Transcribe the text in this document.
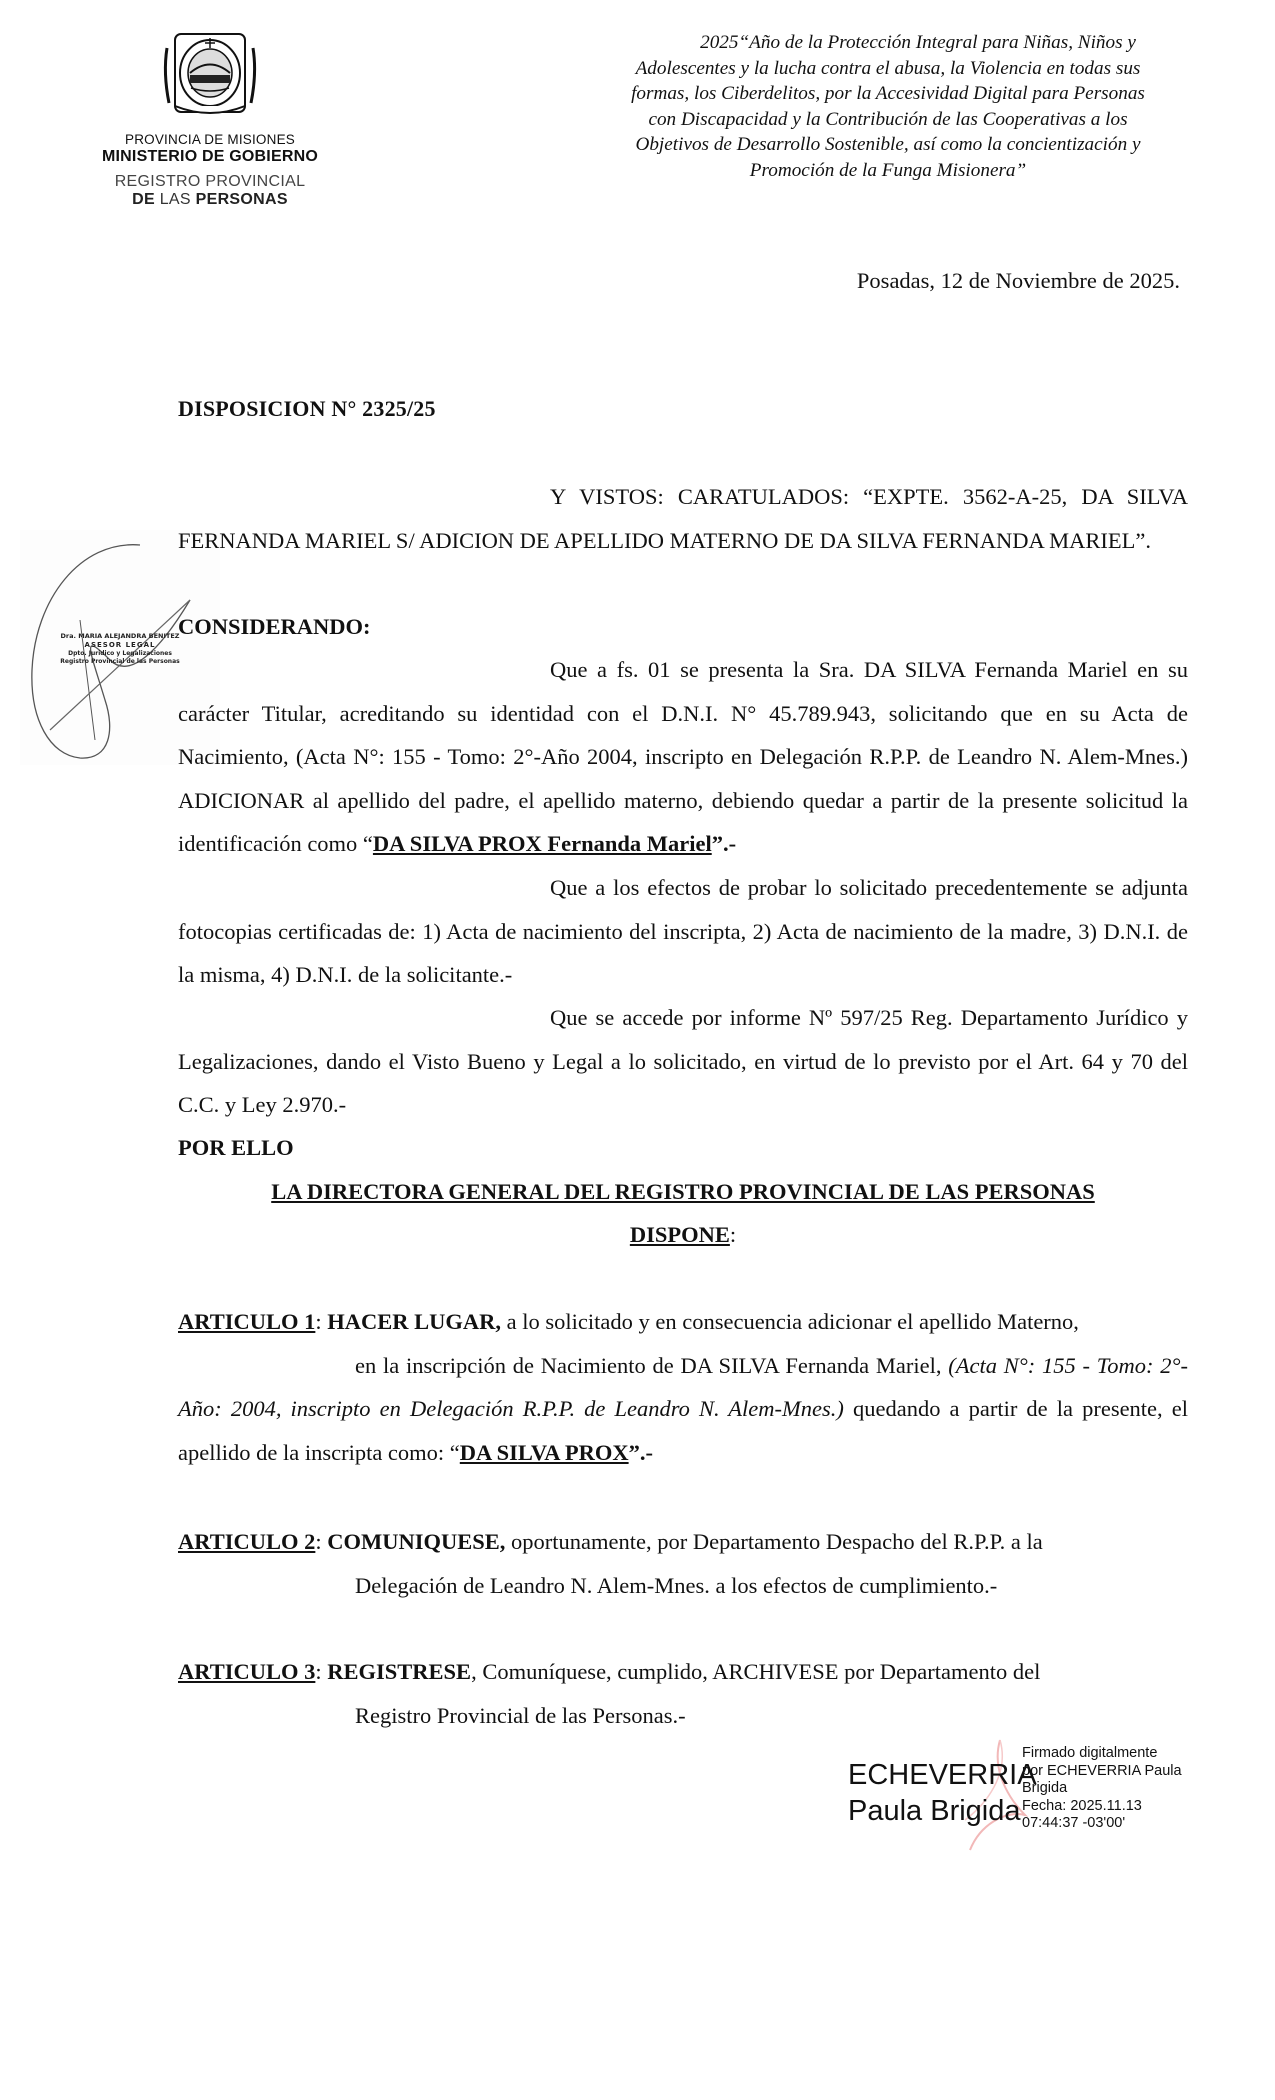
PROVINCIA DE MISIONES
MINISTERIO DE GOBIERNO
REGISTRO PROVINCIAL
DE LAS PERSONAS
2025“Año de la Protección Integral para Niñas, Niños y
Adolescentes y la lucha contra el abusa, la Violencia en todas sus
formas, los Ciberdelitos, por la Accesividad Digital para Personas
con Discapacidad y la Contribución de las Cooperativas a los
Objetivos de Desarrollo Sostenible, así como la concientización y
Promoción de la Funga Misionera”
Posadas, 12 de Noviembre de 2025.
DISPOSICION N° 2325/25
Dra. MARIA ALEJANDRA BENITEZ
ASESOR LEGAL
Dpto. Juridico y Legalizaciones
Registro Provincial de las Personas
Y VISTOS: CARATULADOS: “EXPTE. 3562-A-25, DA SILVA FERNANDA MARIEL S/ ADICION DE APELLIDO MATERNO DE DA SILVA FERNANDA MARIEL”.
CONSIDERANDO:
Que a fs. 01 se presenta la Sra. DA SILVA Fernanda Mariel en su carácter Titular, acreditando su identidad con el D.N.I. N° 45.789.943, solicitando que en su Acta de Nacimiento, (Acta N°: 155 - Tomo: 2°-Año 2004, inscripto en Delegación R.P.P. de Leandro N. Alem-Mnes.) ADICIONAR al apellido del padre, el apellido materno, debiendo quedar a partir de la presente solicitud la identificación como “DA SILVA PROX Fernanda Mariel”.-
Que a los efectos de probar lo solicitado precedentemente se adjunta fotocopias certificadas de: 1) Acta de nacimiento del inscripta, 2) Acta de nacimiento de la madre, 3) D.N.I. de la misma, 4) D.N.I. de la solicitante.-
Que se accede por informe Nº 597/25 Reg. Departamento Jurídico y Legalizaciones, dando el Visto Bueno y Legal a lo solicitado, en virtud de lo previsto por el Art. 64 y 70 del C.C. y Ley 2.970.-
POR ELLO
LA DIRECTORA GENERAL DEL REGISTRO PROVINCIAL DE LAS PERSONAS
DISPONE:
ARTICULO 1: HACER LUGAR, a lo solicitado y en consecuencia adicionar el apellido Materno,
en la inscripción de Nacimiento de DA SILVA Fernanda Mariel, (Acta N°: 155 - Tomo: 2°- Año: 2004, inscripto en Delegación R.P.P. de Leandro N. Alem-Mnes.) quedando a partir de la presente, el apellido de la inscripta como: “DA SILVA PROX”.-
ARTICULO 2: COMUNIQUESE, oportunamente, por Departamento Despacho del R.P.P. a la
Delegación de Leandro N. Alem-Mnes. a los efectos de cumplimiento.-
ARTICULO 3: REGISTRESE, Comuníquese, cumplido, ARCHIVESE por Departamento del
Registro Provincial de las Personas.-
ECHEVERRIA
Paula Brigida
Firmado digitalmente
por ECHEVERRIA Paula
Brigida
Fecha: 2025.11.13
07:44:37 -03'00'
